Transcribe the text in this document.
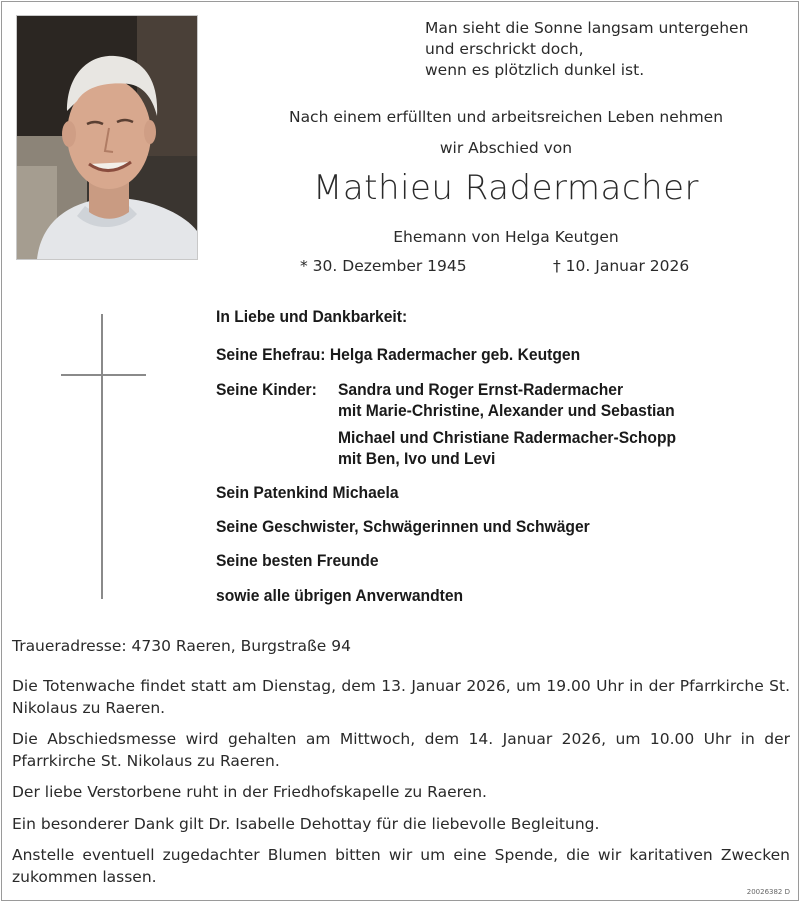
Man sieht die Sonne langsam untergehen
und erschrickt doch,
wenn es plötzlich dunkel ist.
Nach einem erfüllten und arbeitsreichen Leben nehmen
wir Abschied von
Mathieu Radermacher
Ehemann von Helga Keutgen
* 30. Dezember 1945	† 10. Januar 2026
In Liebe und Dankbarkeit:
Seine Ehefrau: Helga Radermacher geb. Keutgen
Seine Kinder: Sandra und Roger Ernst-Radermacher
mit Marie-Christine, Alexander und Sebastian
Michael und Christiane Radermacher-Schopp
mit Ben, Ivo und Levi
Sein Patenkind Michaela
Seine Geschwister, Schwägerinnen und Schwäger
Seine besten Freunde
sowie alle übrigen Anverwandten
Traueradresse: 4730 Raeren, Burgstraße 94
Die Totenwache findet statt am Dienstag, dem 13. Januar 2026, um 19.00 Uhr in der Pfarrkirche St. Nikolaus zu Raeren.
Die Abschiedsmesse wird gehalten am Mittwoch, dem 14. Januar 2026, um 10.00 Uhr in der Pfarrkirche St. Nikolaus zu Raeren.
Der liebe Verstorbene ruht in der Friedhofskapelle zu Raeren.
Ein besonderer Dank gilt Dr. Isabelle Dehottay für die liebevolle Begleitung.
Anstelle eventuell zugedachter Blumen bitten wir um eine Spende, die wir karitativen Zwecken zukommen lassen.
20026382 D
